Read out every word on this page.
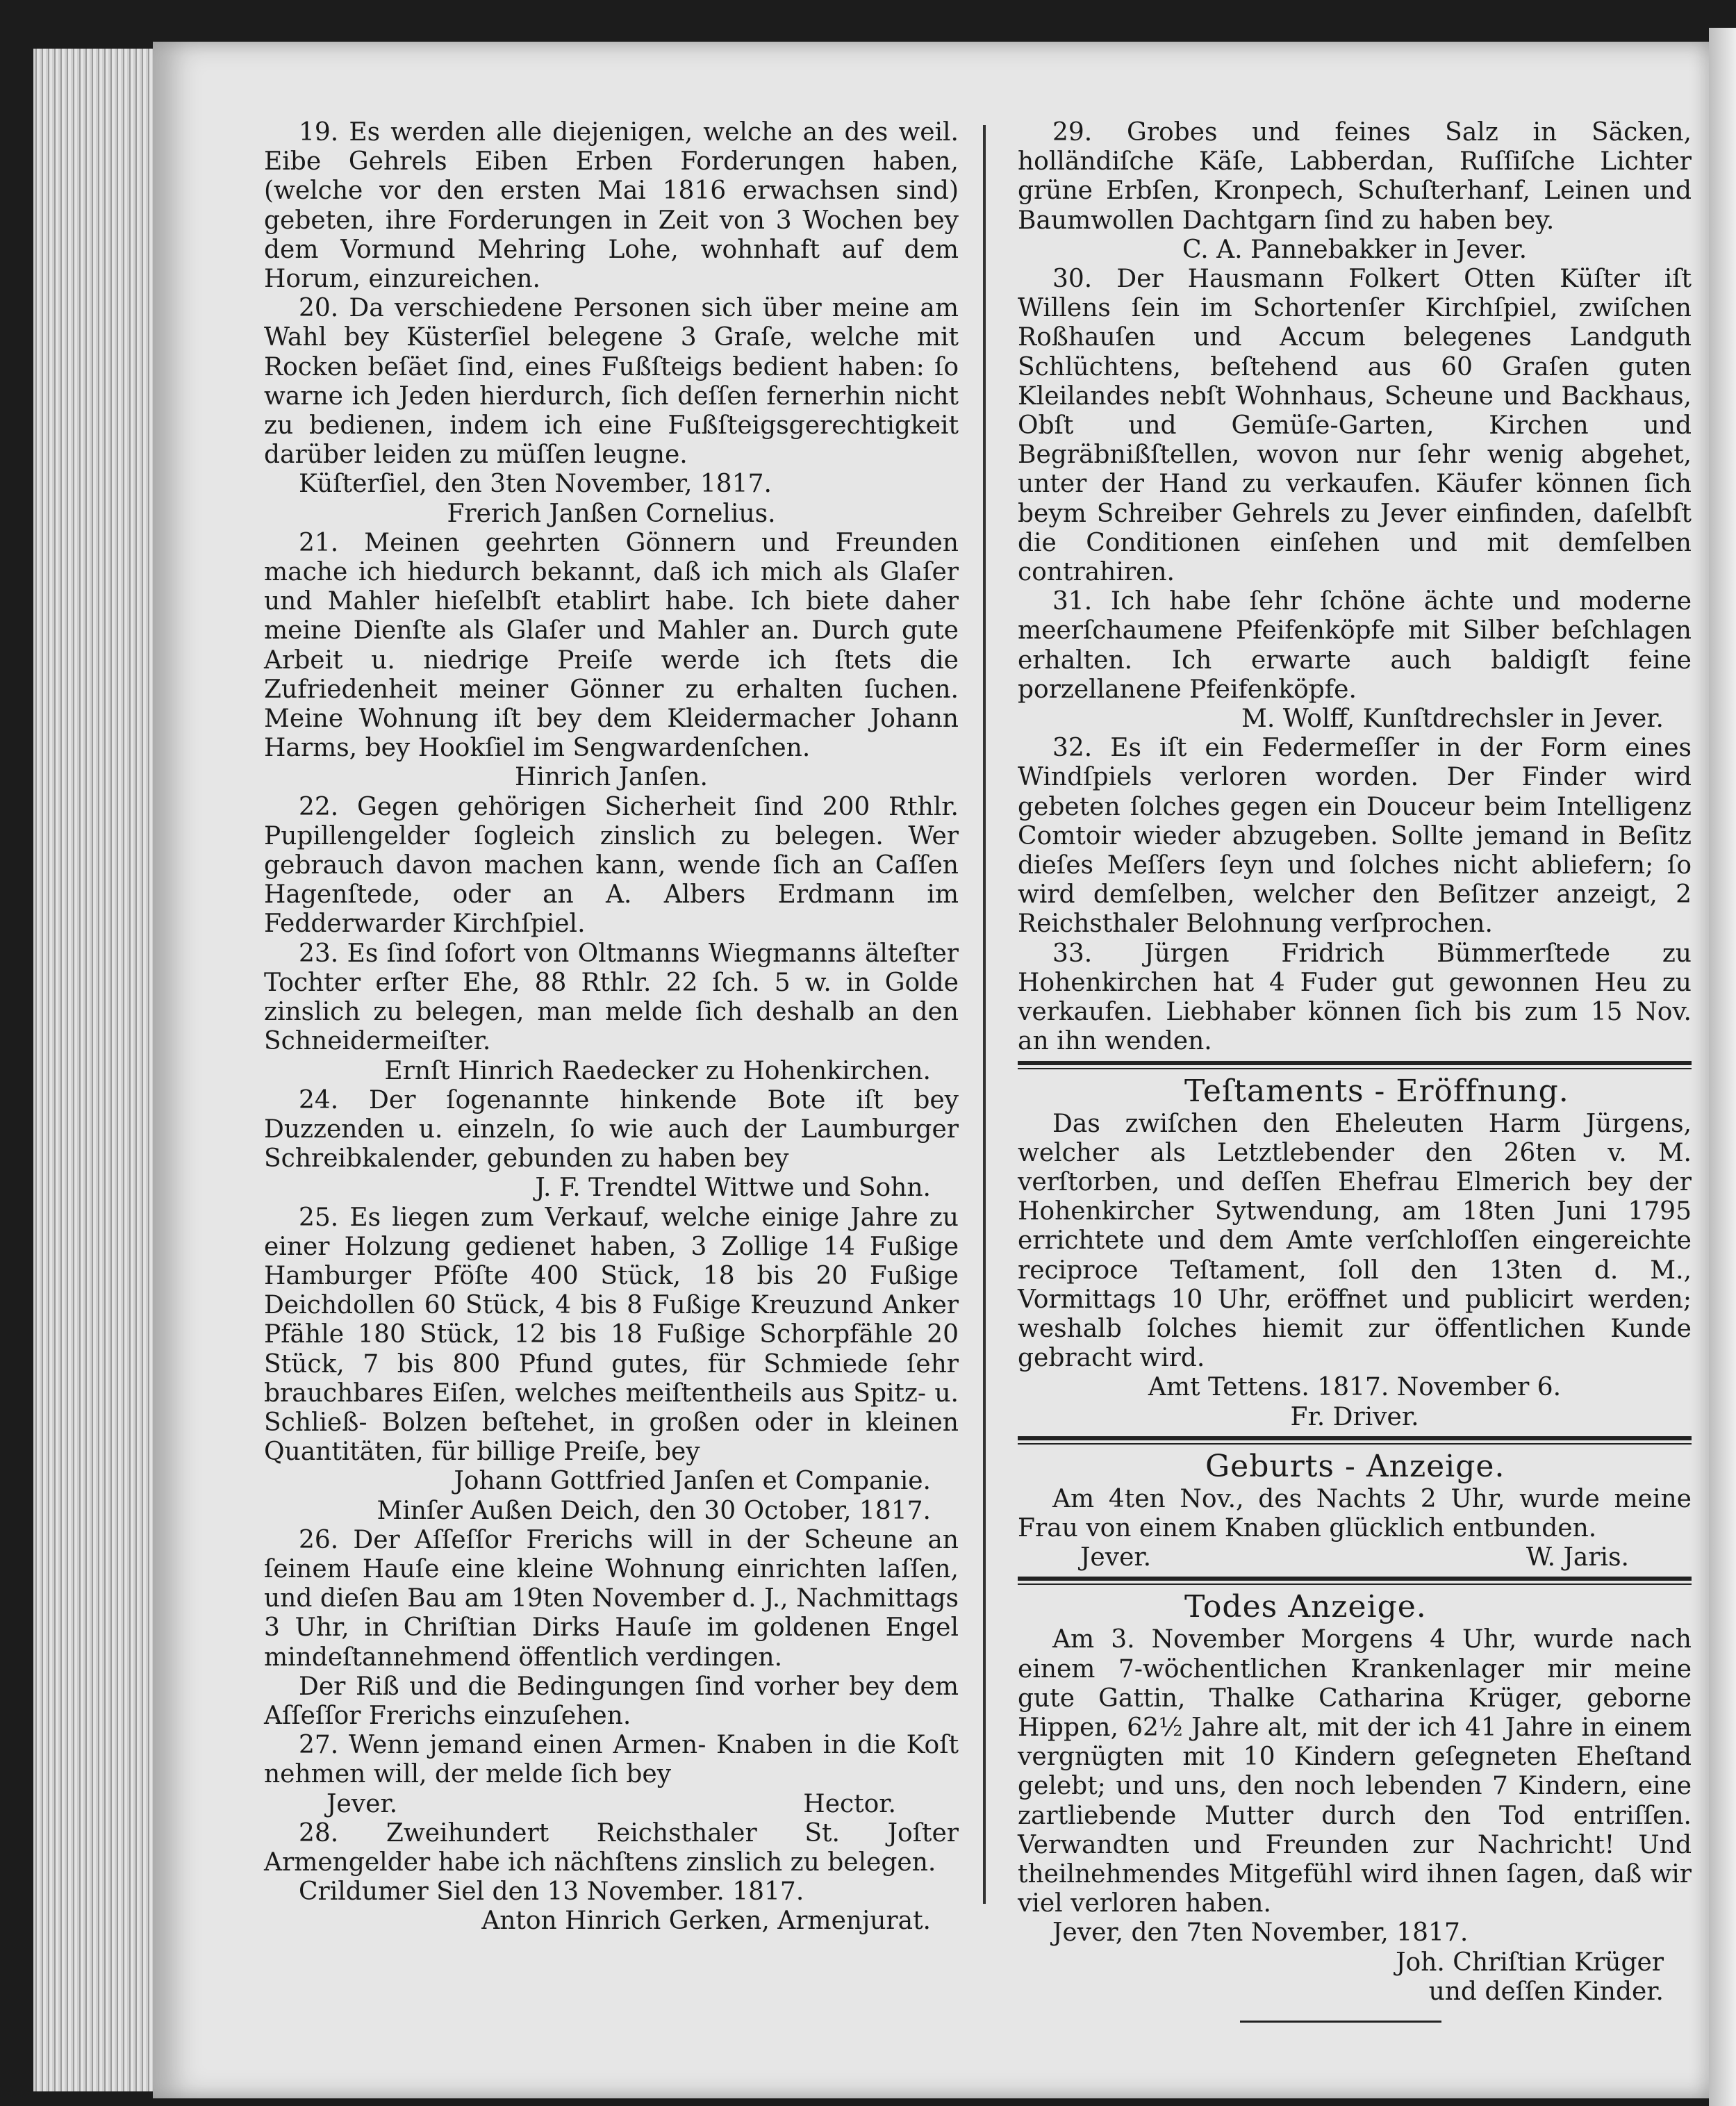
19. Es werden alle diejenigen, welche an des weil. Eibe Gehrels Eiben Erben Forderungen haben, (welche vor den ersten Mai 1816 erwachsen sind) gebeten, ihre Forderungen in Zeit von 3 Wochen bey dem Vormund Mehring Lohe, wohnhaft auf dem Horum, einzureichen.

20. Da verschiedene Personen sich über meine am Wahl bey Küsterſiel belegene 3 Graſe, welche mit Rocken beſäet ſind, eines Fußſteigs bedient haben: ſo warne ich Jeden hierdurch, ſich deſſen fernerhin nicht zu bedienen, indem ich eine Fußſteigsgerechtigkeit darüber leiden zu müſſen leugne.

Küſterſiel, den 3ten November, 1817.

Frerich Janßen Cornelius.

21. Meinen geehrten Gönnern und Freunden mache ich hiedurch bekannt, daß ich mich als Glaſer und Mahler hieſelbſt etablirt habe. Ich biete daher meine Dienſte als Glaſer und Mahler an. Durch gute Arbeit u. niedrige Preiſe werde ich ſtets die Zufriedenheit meiner Gönner zu erhalten ſuchen. Meine Wohnung iſt bey dem Kleidermacher Johann Harms, bey Hookſiel im Sengwardenſchen.

Hinrich Janſen.

22. Gegen gehörigen Sicherheit ſind 200 Rthlr. Pupillengelder ſogleich zinslich zu belegen. Wer gebrauch davon machen kann, wende ſich an Caſſen Hagenſtede, oder an A. Albers Erdmann im Fedderwarder Kirchſpiel.

23. Es ſind ſofort von Oltmanns Wiegmanns älteſter Tochter erſter Ehe, 88 Rthlr. 22 ſch. 5 w. in Golde zinslich zu belegen, man melde ſich deshalb an den Schneidermeiſter.

Ernſt Hinrich Raedecker zu Hohenkirchen.

24. Der ſogenannte hinkende Bote iſt bey Duzzenden u. einzeln, ſo wie auch der Laumburger Schreibkalender, gebunden zu haben bey

J. F. Trendtel Wittwe und Sohn.

25. Es liegen zum Verkauf, welche einige Jahre zu einer Holzung gedienet haben, 3 Zollige 14 Fußige Hamburger Pföſte 400 Stück, 18 bis 20 Fußige Deichdollen 60 Stück, 4 bis 8 Fußige Kreuzund Anker Pfähle 180 Stück, 12 bis 18 Fußige Schorpfähle 20 Stück, 7 bis 800 Pfund gutes, für Schmiede ſehr brauchbares Eiſen, welches meiſtentheils aus Spitz- u. Schließ- Bolzen beſtehet, in großen oder in kleinen Quantitäten, für billige Preiſe, bey

Johann Gottfried Janſen et Companie.

Minſer Außen Deich, den 30 October, 1817.

26. Der Aſſeſſor Frerichs will in der Scheune an ſeinem Hauſe eine kleine Wohnung einrichten laſſen, und dieſen Bau am 19ten November d. J., Nachmittags 3 Uhr, in Chriſtian Dirks Hauſe im goldenen Engel mindeſtannehmend öffentlich verdingen.

Der Riß und die Bedingungen ſind vorher bey dem Aſſeſſor Frerichs einzuſehen.

27. Wenn jemand einen Armen- Knaben in die Koſt nehmen will, der melde ſich bey

Jever.	Hector.

28. Zweihundert Reichsthaler St. Joſter Armengelder habe ich nächſtens zinslich zu belegen.

Crildumer Siel den 13 November. 1817.

Anton Hinrich Gerken, Armenjurat.

29. Grobes und feines Salz in Säcken, holländiſche Käſe, Labberdan, Ruſſiſche Lichter grüne Erbſen, Kronpech, Schuſterhanf, Leinen und Baumwollen Dachtgarn ſind zu haben bey.

C. A. Pannebakker in Jever.

30. Der Hausmann Folkert Otten Küſter iſt Willens ſein im Schortenſer Kirchſpiel, zwiſchen Roßhauſen und Accum belegenes Landguth Schlüchtens, beſtehend aus 60 Graſen guten Kleilandes nebſt Wohnhaus, Scheune und Backhaus, Obſt und Gemüſe-Garten, Kirchen und Begräbnißſtellen, wovon nur ſehr wenig abgehet, unter der Hand zu verkaufen. Käufer können ſich beym Schreiber Gehrels zu Jever einfinden, daſelbſt die Conditionen einſehen und mit demſelben contrahiren.

31. Ich habe ſehr ſchöne ächte und moderne meerſchaumene Pfeifenköpfe mit Silber beſchlagen erhalten. Ich erwarte auch baldigſt feine porzellanene Pfeifenköpfe.

M. Wolff, Kunſtdrechsler in Jever.

32. Es iſt ein Federmeſſer in der Form eines Windſpiels verloren worden. Der Finder wird gebeten ſolches gegen ein Douceur beim Intelligenz Comtoir wieder abzugeben. Sollte jemand in Beſitz dieſes Meſſers ſeyn und ſolches nicht abliefern; ſo wird demſelben, welcher den Beſitzer anzeigt, 2 Reichsthaler Belohnung verſprochen.

33. Jürgen Fridrich Bümmerſtede zu Hohenkirchen hat 4 Fuder gut gewonnen Heu zu verkaufen. Liebhaber können ſich bis zum 15 Nov. an ihn wenden.

Teſtaments - Eröffnung.

Das zwiſchen den Eheleuten Harm Jürgens, welcher als Letztlebender den 26ten v. M. verſtorben, und deſſen Ehefrau Elmerich bey der Hohenkircher Sytwendung, am 18ten Juni 1795 errichtete und dem Amte verſchloſſen eingereichte reciproce Teſtament, ſoll den 13ten d. M., Vormittags 10 Uhr, eröffnet und publicirt werden; weshalb ſolches hiemit zur öffentlichen Kunde gebracht wird.

Amt Tettens. 1817. November 6.

Fr. Driver.

Geburts - Anzeige.

Am 4ten Nov., des Nachts 2 Uhr, wurde meine Frau von einem Knaben glücklich entbunden.

Jever.	W. Jaris.

Todes Anzeige.

Am 3. November Morgens 4 Uhr, wurde nach einem 7-wöchentlichen Krankenlager mir meine gute Gattin, Thalke Catharina Krüger, geborne Hippen, 62½ Jahre alt, mit der ich 41 Jahre in einem vergnügten mit 10 Kindern geſegneten Eheſtand gelebt; und uns, den noch lebenden 7 Kindern, eine zartliebende Mutter durch den Tod entriſſen. Verwandten und Freunden zur Nachricht! Und theilnehmendes Mitgefühl wird ihnen ſagen, daß wir viel verloren haben.

Jever, den 7ten November, 1817.

Joh. Chriſtian Krüger

und deſſen Kinder.
